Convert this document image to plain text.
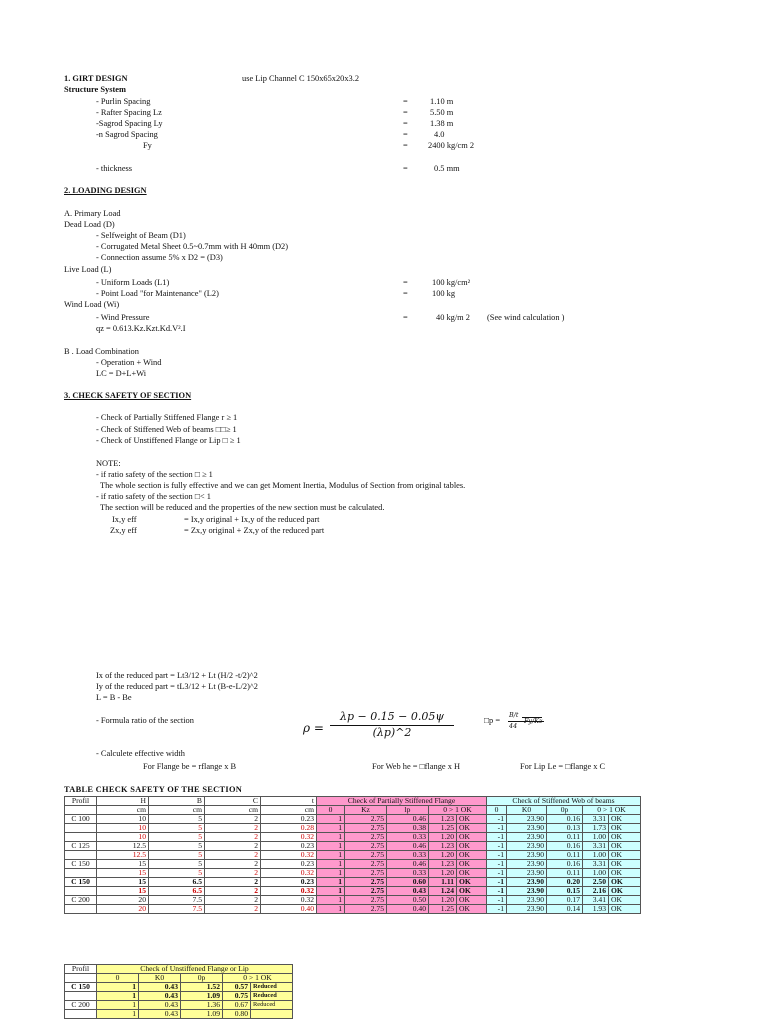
1. GIRT DESIGN	use Lip Channel C 150x65x20x3.2
Structure System
- Purlin Spacing	=	1.10 m
- Rafter Spacing Lz	=	5.50 m
-Sagrod Spacing Ly	=	1.38 m
-n Sagrod Spacing	=	4.0
Fy	= 2400 kg/cm 2
- thickness	=	0.5 mm
2. LOADING DESIGN
A. Primary Load
Dead Load (D)
- Selfweight of Beam (D1)
- Corrugated Metal Sheet 0.5~0.7mm with H 40mm (D2)
- Connection assume 5% x D2 = (D3)
Live Load (L)
- Uniform Loads (L1)	=	100 kg/cm²
- Point Load "for Maintenance" (L2)	=	100 kg
Wind Load (Wi)
- Wind Pressure	=	40 kg/m 2 (See wind calculation )
qz = 0.613.Kz.Kzt.Kd.V².I
B . Load Combination
- Operation + Wind
LC = D+L+Wi
3. CHECK SAFETY OF SECTION
- Check of Partially Stiffened Flange r ≥ 1
- Check of Stiffened Web of beams □□≥ 1
- Check of Unstiffened Flange or Lip □ ≥ 1
NOTE:
- if ratio safety of the section □ ≥ 1
The whole section is fully effective and we can get Moment Inertia, Modulus of Section from original tables.
- if ratio safety of the section □< 1
The section will be reduced and the properties of the new section must be calculated.
Ix,y eff	= Ix,y original + Ix,y of the reduced part
Zx,y eff	= Zx,y original + Zx,y of the reduced part
Ix of the reduced part = Lt3/12 + Lt (H/2 -t/2)^2
Iy of the reduced part = tL3/12 + Lt (B-e-L/2)^2
L = B - Be
- Formula ratio of the section
ρ =
λp − 0.15 − 0.05ψ
(λp)^2
□p =
B/t
44
Fy/Kz
- Calculete effective width
For Flange be = rflange x B	For Web he = □flange x H	For Lip Le = □flange x C
TABLE CHECK SAFETY OF THE SECTION
Profil	H	B	C	t	Check of Partially Stiffened Flange					Check of Stiffened Web of beams				
	cm	cm	cm	cm	0	Kz	lp	0 > 1 OK		0	K0	0p	0 > 1 OK	
C 100	10	5	2	0.23	1	2.75	0.46	1.23	OK	-1	23.90	0.16	3.31	OK
	10	5	2	0.28	1	2.75	0.38	1.25	OK	-1	23.90	0.13	1.73	OK
	10	5	2	0.32	1	2.75	0.33	1.20	OK	-1	23.90	0.11	1.00	OK
C 125	12.5	5	2	0.23	1	2.75	0.46	1.23	OK	-1	23.90	0.16	3.31	OK
	12.5	5	2	0.32	1	2.75	0.33	1.20	OK	-1	23.90	0.11	1.00	OK
C 150	15	5	2	0.23	1	2.75	0.46	1.23	OK	-1	23.90	0.16	3.31	OK
	15	5	2	0.32	1	2.75	0.33	1.20	OK	-1	23.90	0.11	1.00	OK
C 150	15	6.5	2	0.23	1	2.75	0.60	1.11	OK	-1	23.90	0.20	2.50	OK
	15	6.5	2	0.32	1	2.75	0.43	1.24	OK	-1	23.90	0.15	2.16	OK
C 200	20	7.5	2	0.32	1	2.75	0.50	1.20	OK	-1	23.90	0.17	3.41	OK
	20	7.5	2	0.40	1	2.75	0.40	1.25	OK	-1	23.90	0.14	1.93	OK
Profil	Check of Unstiffened Flange or Lip				
	0	K0	0p	0 > 1 OK	
C 150	1	0.43	1.52	0.57	Reduced
	1	0.43	1.09	0.75	Reduced
C 200	1	0.43	1.36	0.67	Reduced
	1	0.43	1.09	0.80	
